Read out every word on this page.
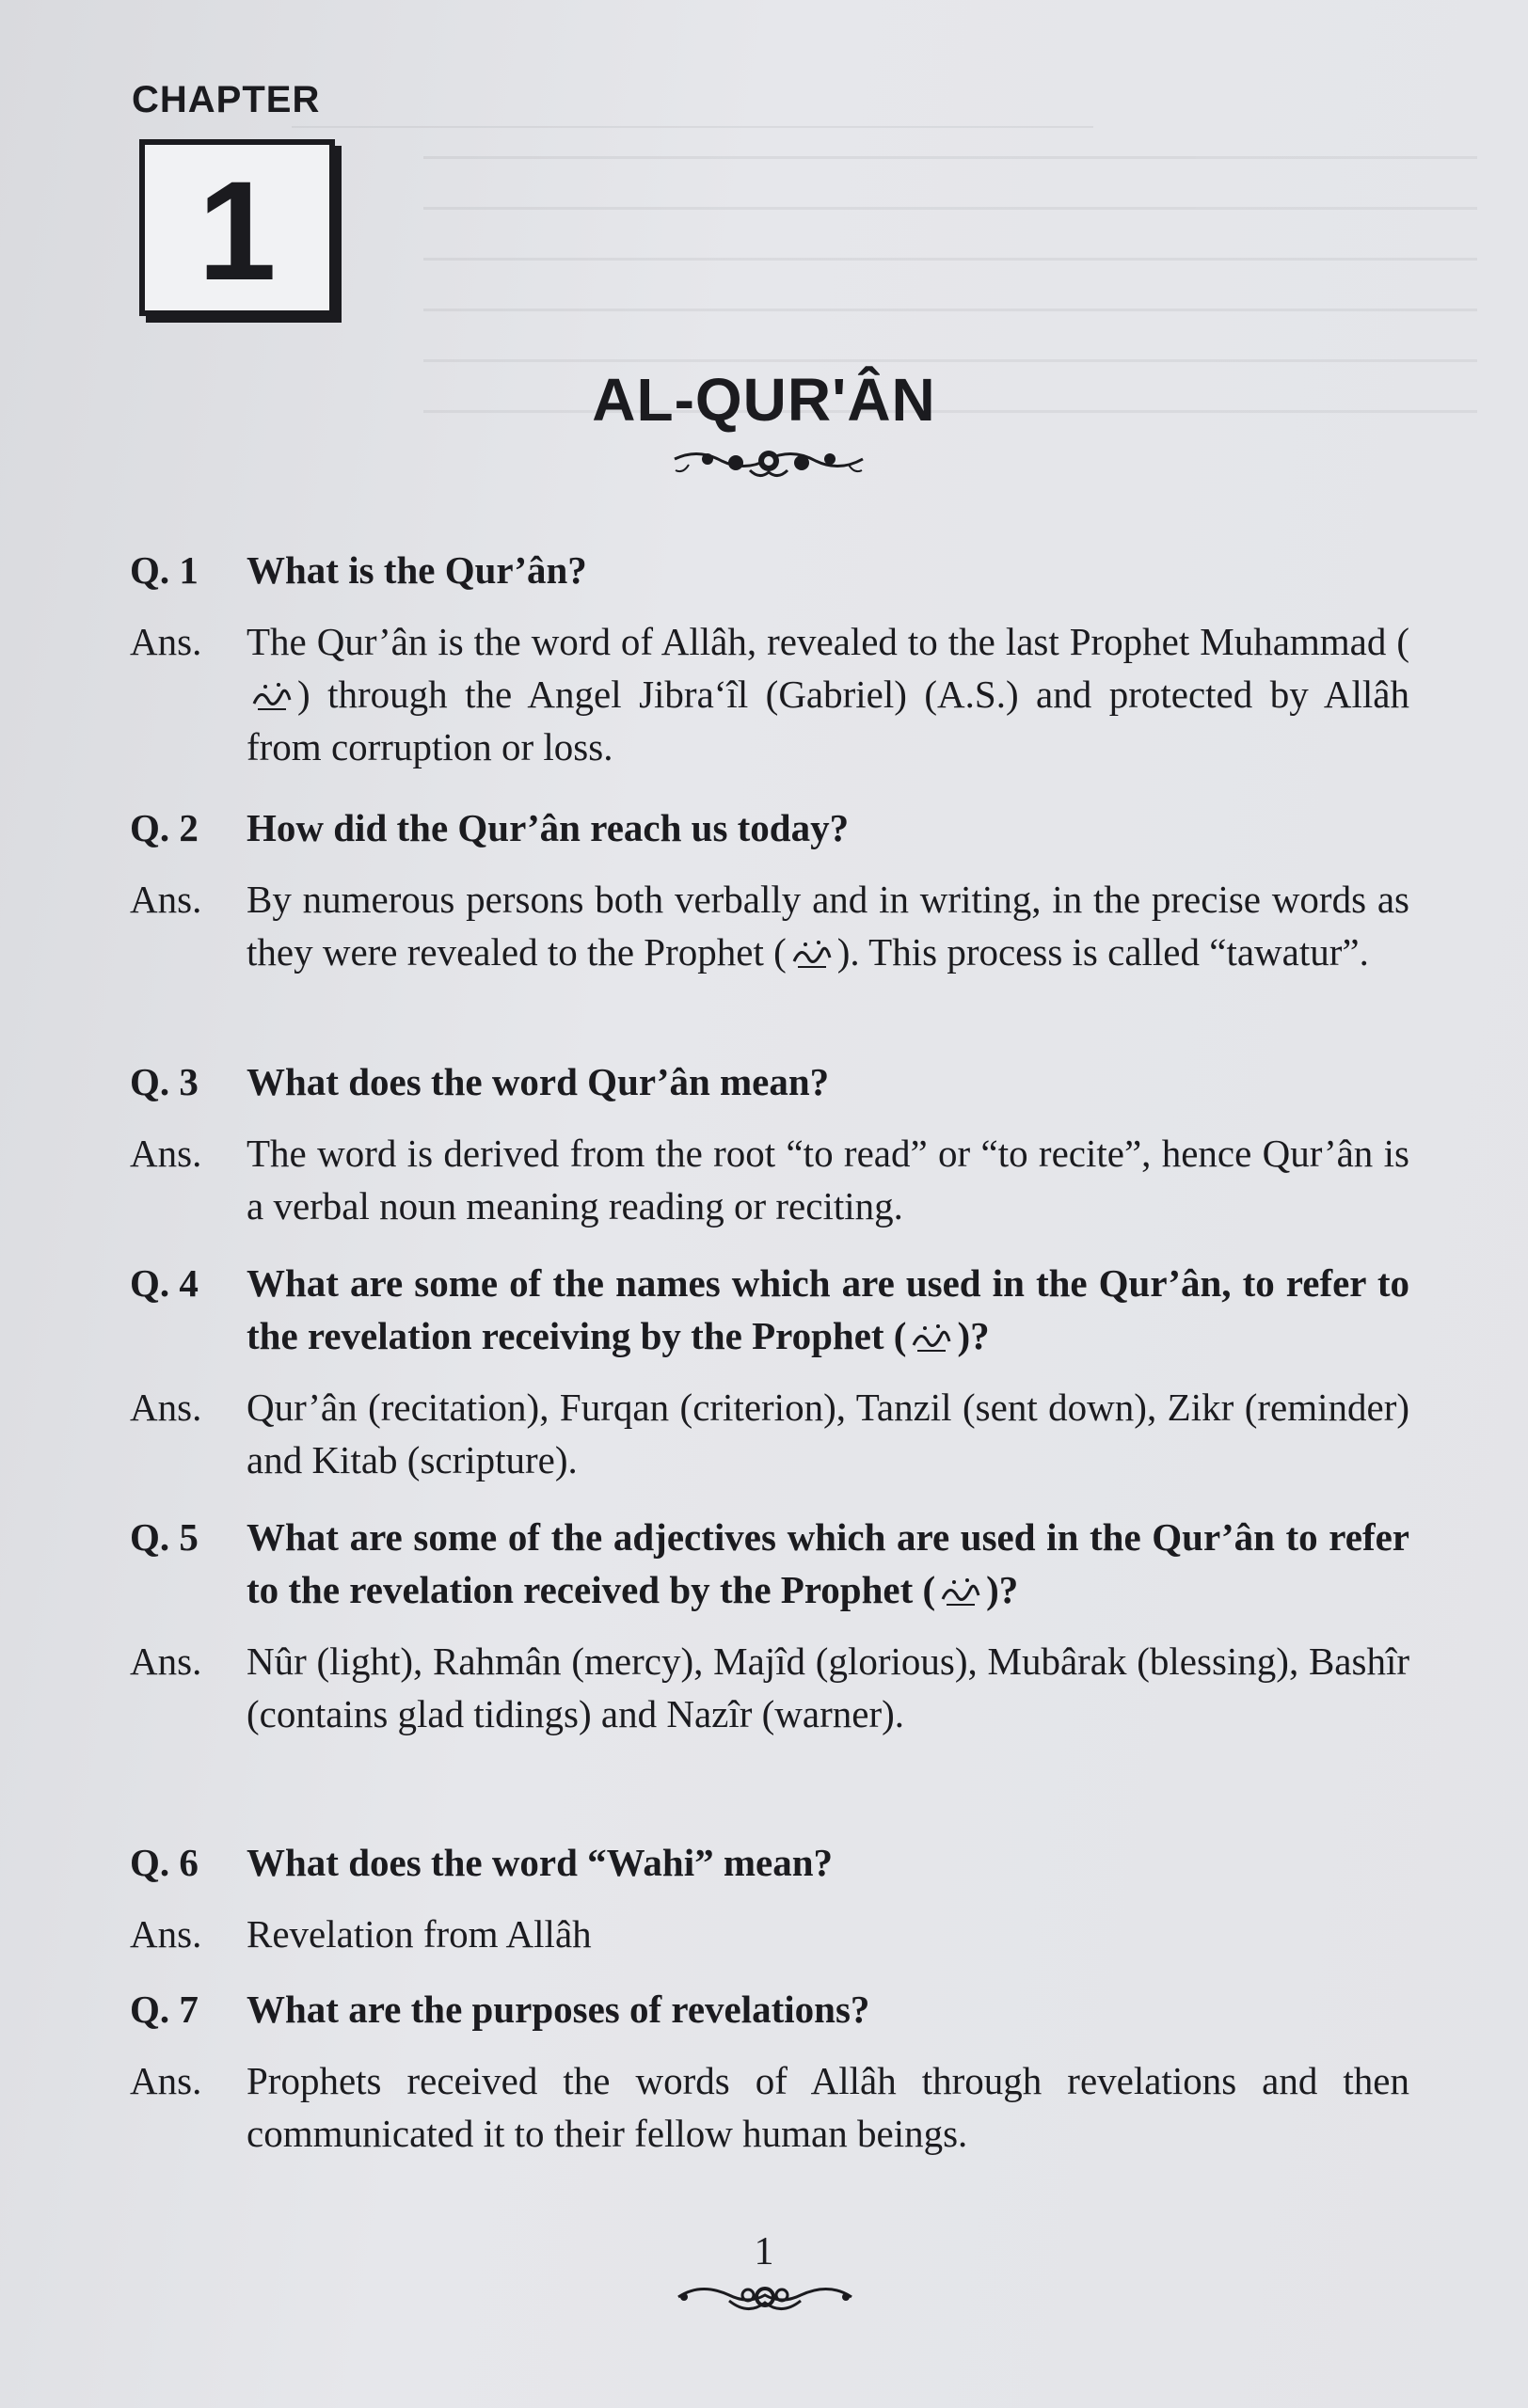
CHAPTER
1
AL-QUR'ÂN
Q. 1	What is the Qur’ân?
Ans.	The Qur’ân is the word of Allâh, revealed to the last Prophet Muhammad () through the Angel Jibra‘îl (Gabriel) (A.S.) and protected by Allâh from corruption or loss.
Q. 2	How did the Qur’ân reach us today?
Ans.	By numerous persons both verbally and in writing, in the precise words as they were revealed to the Prophet ( ). This process is called “tawatur”.
Q. 3	What does the word Qur’ân mean?
Ans.	The word is derived from the root “to read” or “to recite”, hence Qur’ân is a verbal noun meaning reading or reciting.
Q. 4	What are some of the names which are used in the Qur’ân, to refer to the revelation receiving by the Prophet ( )?
Ans.	Qur’ân (recitation), Furqan (criterion), Tanzil (sent down), Zikr (reminder) and Kitab (scripture).
Q. 5	What are some of the adjectives which are used in the Qur’ân to refer to the revelation received by the Prophet ( )?
Ans.	Nûr (light), Rahmân (mercy), Majîd (glorious), Mubârak (blessing), Bashîr (contains glad tidings) and Nazîr (warner).
Q. 6	What does the word “Wahi” mean?
Ans.	Revelation from Allâh
Q. 7	What are the purposes of revelations?
Ans.	Prophets received the words of Allâh through revelations and then communicated it to their fellow human beings.
1
